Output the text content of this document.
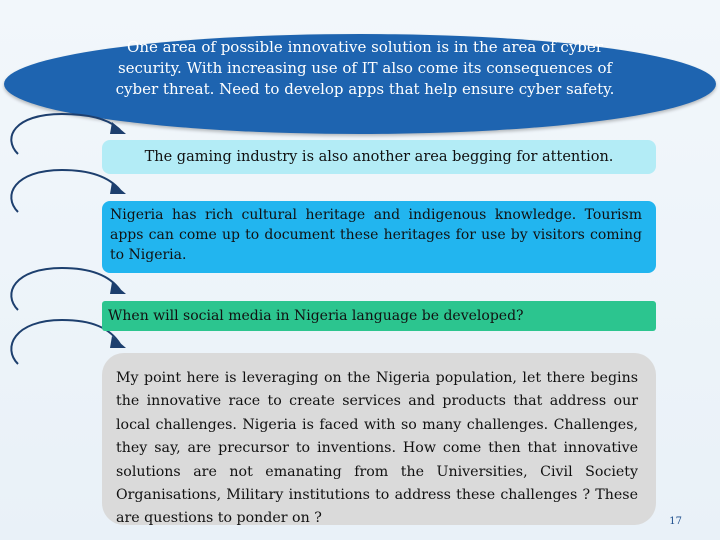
One area of possible innovative solution is in the area of cyber security. With increasing use of IT also come its consequences of cyber threat. Need to develop apps that help ensure cyber safety.
The gaming industry is also another area begging for attention.
Nigeria has rich cultural heritage and indigenous knowledge. Tourism apps can come up to document these heritages for use by visitors coming to Nigeria.
When will social media in Nigeria language be developed?
My point here is leveraging on the Nigeria population, let there begins the innovative race to create services and products that address our local challenges. Nigeria is faced with so many challenges. Challenges, they say, are precursor to inventions. How come then that innovative solutions are not emanating from the Universities, Civil Society Organisations, Military institutions to address these challenges ? These are questions to ponder on ?	17
